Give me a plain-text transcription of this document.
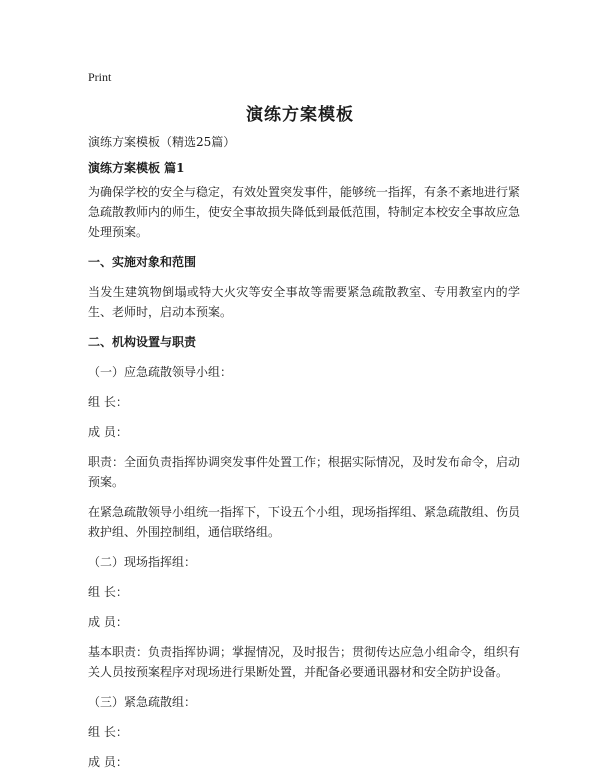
Print
演练方案模板

演练方案模板（精选25篇）

演练方案模板 篇1

为确保学校的安全与稳定，有效处置突发事件，能够统一指挥，有条不紊地进行紧急疏散教师内的师生，使安全事故损失降低到最低范围，特制定本校安全事故应急处理预案。

一、实施对象和范围

当发生建筑物倒塌或特大火灾等安全事故等需要紧急疏散教室、专用教室内的学生、老师时，启动本预案。

二、机构设置与职责

（一）应急疏散领导小组：

组 长：

成 员：

职责：全面负责指挥协调突发事件处置工作；根据实际情况，及时发布命令，启动预案。

在紧急疏散领导小组统一指挥下，下设五个小组，现场指挥组、紧急疏散组、伤员救护组、外围控制组，通信联络组。

（二）现场指挥组：

组 长：

成 员：

基本职责：负责指挥协调；掌握情况，及时报告；贯彻传达应急小组命令，组织有关人员按预案程序对现场进行果断处置，并配备必要通讯器材和安全防护设备。

（三）紧急疏散组：

组 长：

成 员：
